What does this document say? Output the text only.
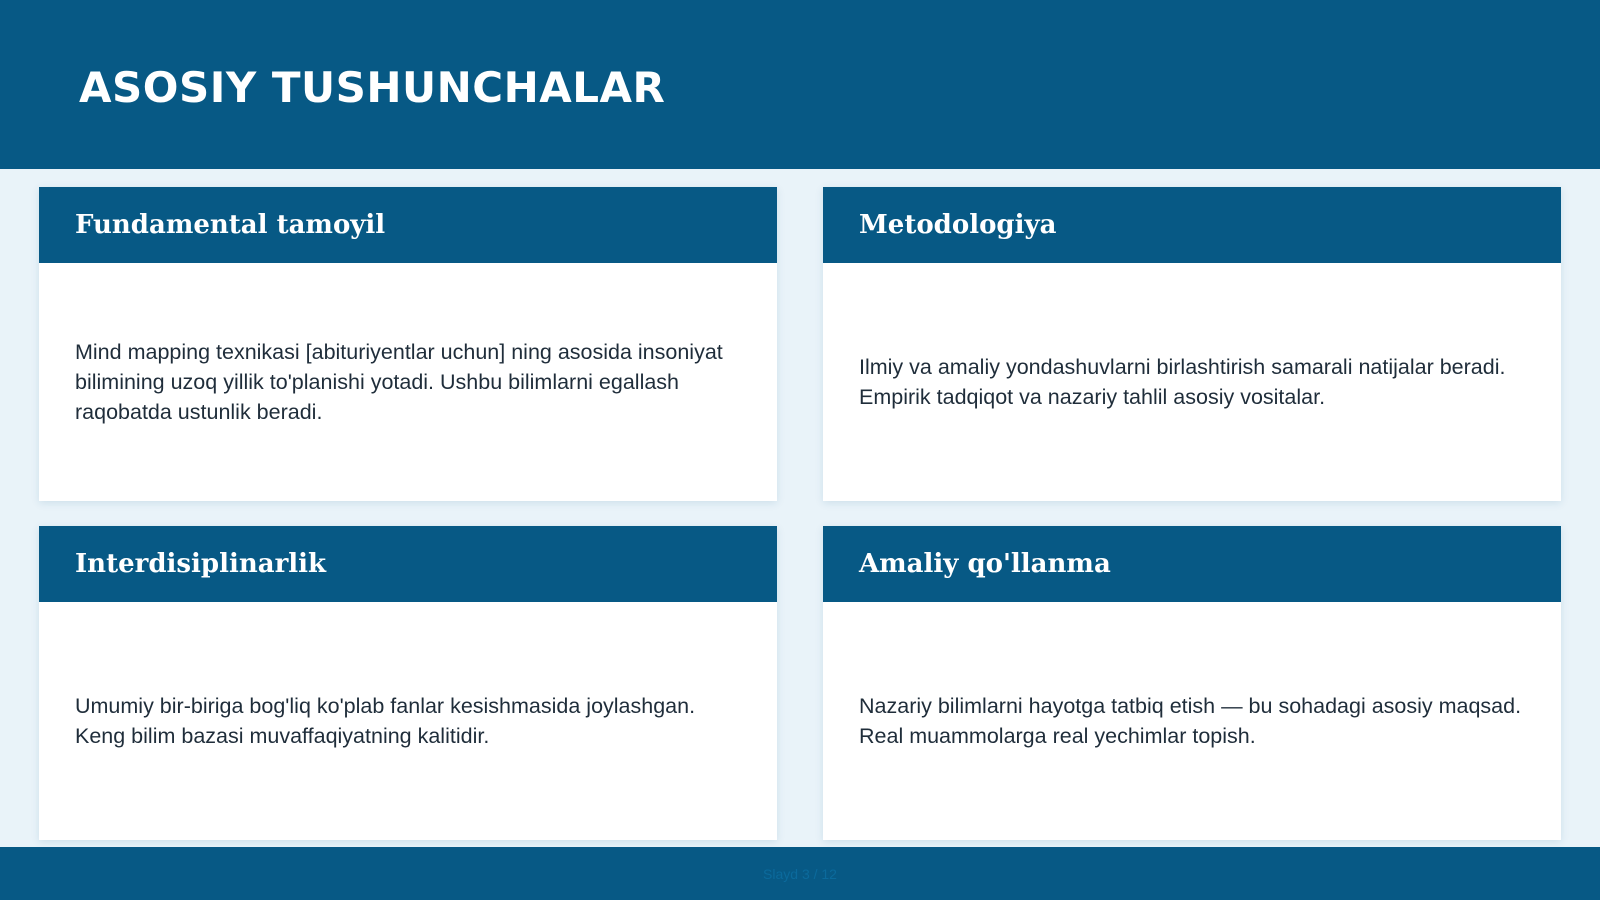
ASOSIY TUSHUNCHALAR
Fundamental tamoyil

Mind mapping texnikasi [abituriyentlar uchun] ning asosida insoniyat bilimining uzoq yillik to'planishi yotadi. Ushbu bilimlarni egallash raqobatda ustunlik beradi.

Metodologiya

Ilmiy va amaliy yondashuvlarni birlashtirish samarali natijalar beradi. Empirik tadqiqot va nazariy tahlil asosiy vositalar.

Interdisiplinarlik

Umumiy bir-biriga bog'liq ko'plab fanlar kesishmasida joylashgan. Keng bilim bazasi muvaffaqiyatning kalitidir.

Amaliy qo'llanma

Nazariy bilimlarni hayotga tatbiq etish — bu sohadagi asosiy maqsad. Real muammolarga real yechimlar topish.

Slayd 3 / 12
